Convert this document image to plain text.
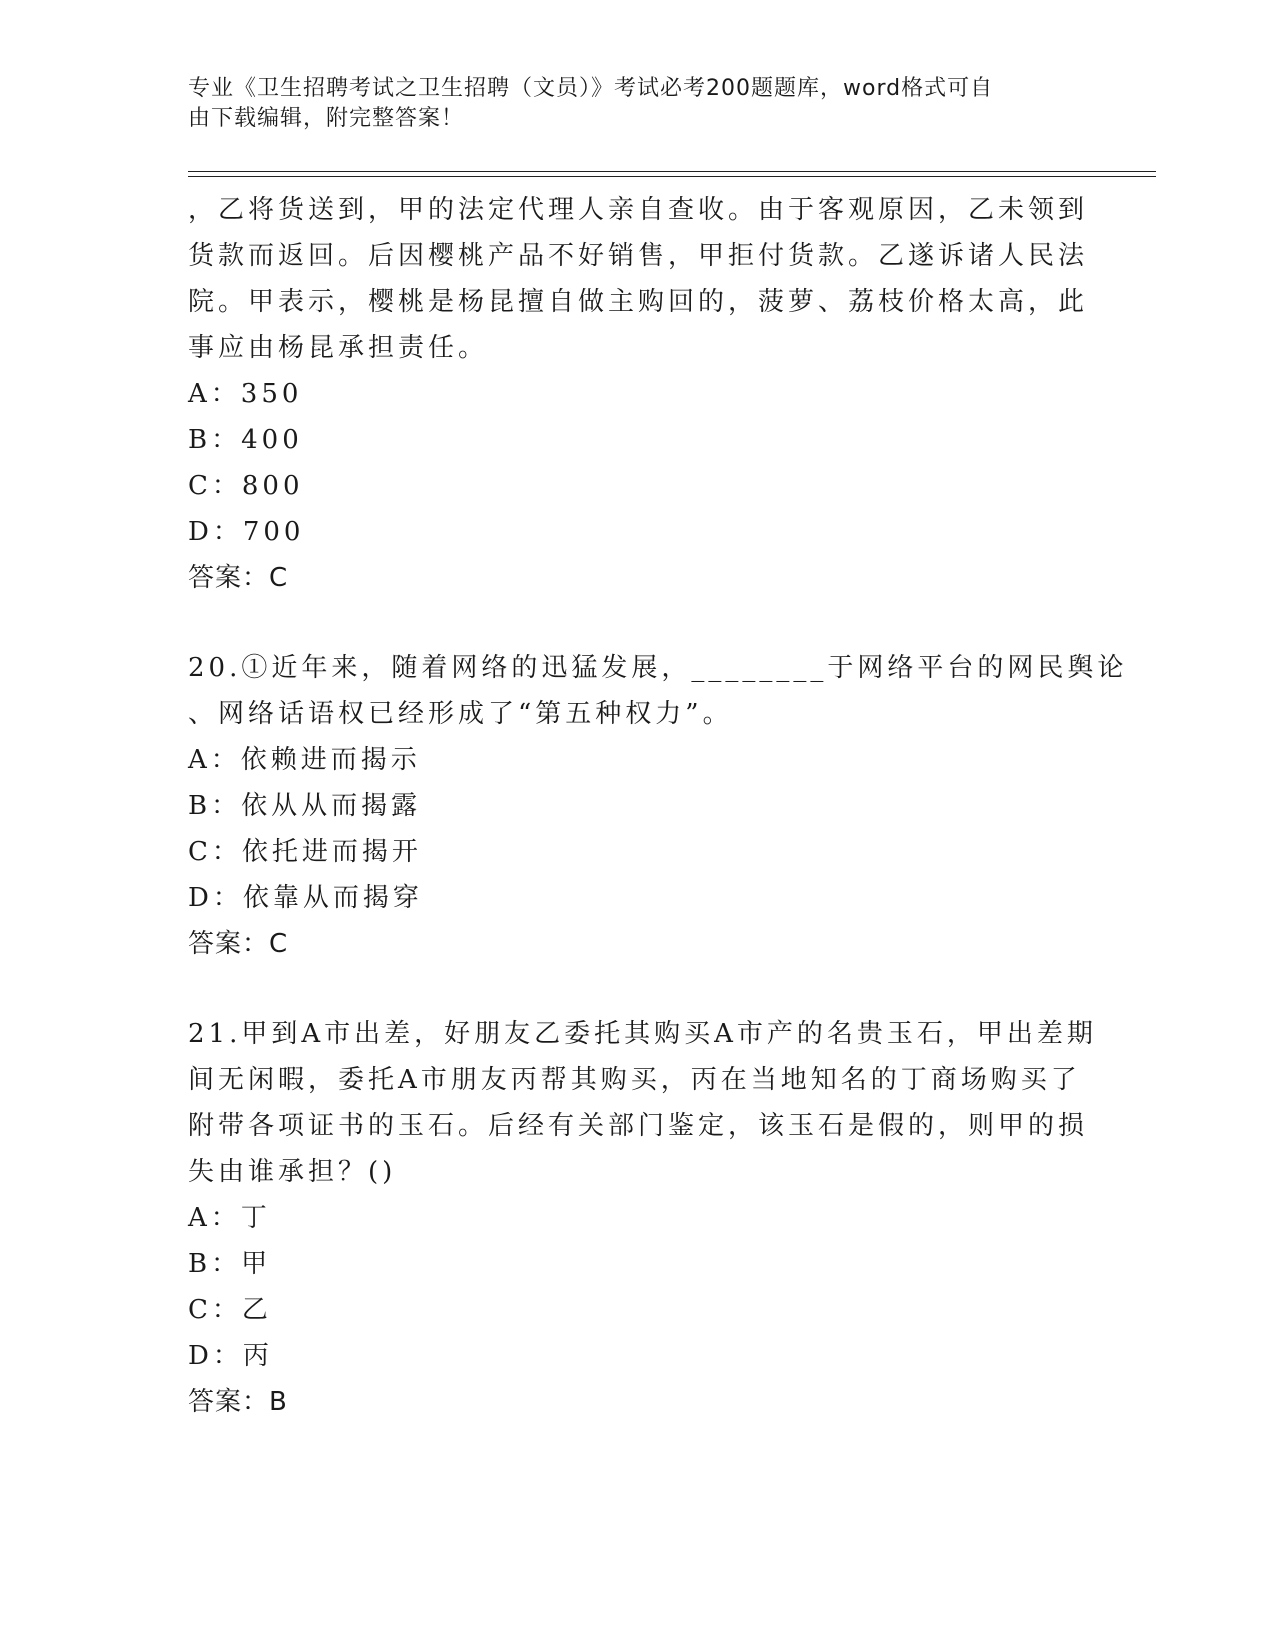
专业《卫生招聘考试之卫生招聘（文员）》考试必考200题题库，word格式可自
由下载编辑，附完整答案！

，乙将货送到，甲的法定代理人亲自查收。由于客观原因，乙未领到
货款而返回。后因樱桃产品不好销售，甲拒付货款。乙遂诉诸人民法
院。甲表示，樱桃是杨昆擅自做主购回的，菠萝、荔枝价格太高，此
事应由杨昆承担责任。
A：350
B：400
C：800
D：700
答案：C
20.①近年来，随着网络的迅猛发展，________于网络平台的网民舆论
、网络话语权已经形成了“第五种权力”。
A：依赖进而揭示
B：依从从而揭露
C：依托进而揭开
D：依靠从而揭穿
答案：C
21.甲到A市出差，好朋友乙委托其购买A市产的名贵玉石，甲出差期
间无闲暇，委托A市朋友丙帮其购买，丙在当地知名的丁商场购买了
附带各项证书的玉石。后经有关部门鉴定，该玉石是假的，则甲的损
失由谁承担？()
A：丁
B：甲
C：乙
D：丙
答案：B
